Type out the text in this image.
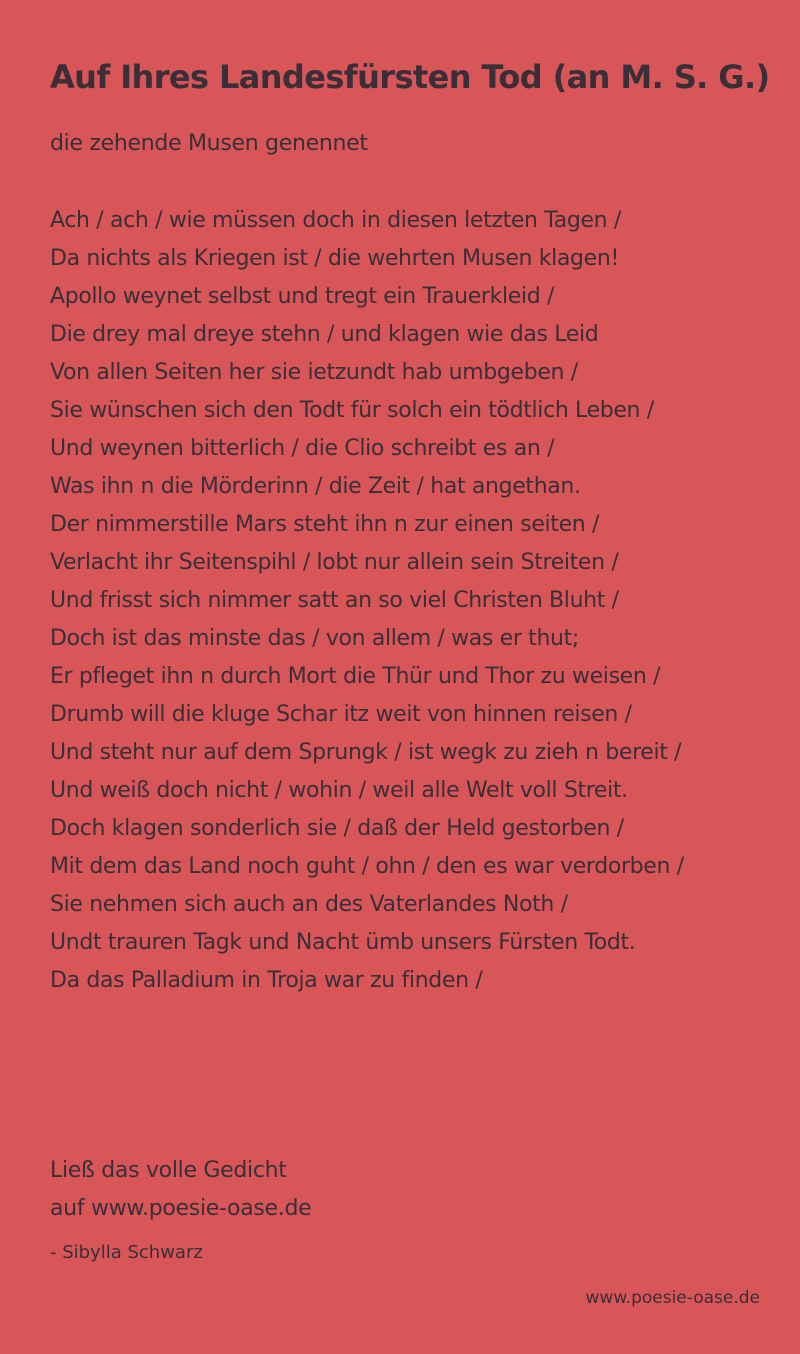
Auf Ihres Landesfürsten Tod (an M. S. G.)

die zehende Musen genennet

Ach / ach / wie müssen doch in diesen letzten Tagen /
Da nichts als Kriegen ist / die wehrten Musen klagen!
Apollo weynet selbst und tregt ein Trauerkleid /
Die drey mal dreye stehn / und klagen wie das Leid
Von allen Seiten her sie ietzundt hab umbgeben /
Sie wünschen sich den Todt für solch ein tödtlich Leben /
Und weynen bitterlich / die Clio schreibt es an /
Was ihn n die Mörderinn / die Zeit / hat angethan.
Der nimmerstille Mars steht ihn n zur einen seiten /
Verlacht ihr Seitenspihl / lobt nur allein sein Streiten /
Und frisst sich nimmer satt an so viel Christen Bluht /
Doch ist das minste das / von allem / was er thut;
Er pfleget ihn n durch Mort die Thür und Thor zu weisen /
Drumb will die kluge Schar itz weit von hinnen reisen /
Und steht nur auf dem Sprungk / ist wegk zu zieh n bereit /
Und weiß doch nicht / wohin / weil alle Welt voll Streit.
Doch klagen sonderlich sie / daß der Held gestorben /
Mit dem das Land noch guht / ohn / den es war verdorben /
Sie nehmen sich auch an des Vaterlandes Noth /
Undt trauren Tagk und Nacht ümb unsers Fürsten Todt.
Da das Palladium in Troja war zu finden /
Ließ das volle Gedicht
auf www.poesie-oase.de
- Sibylla Schwarz
www.poesie-oase.de
